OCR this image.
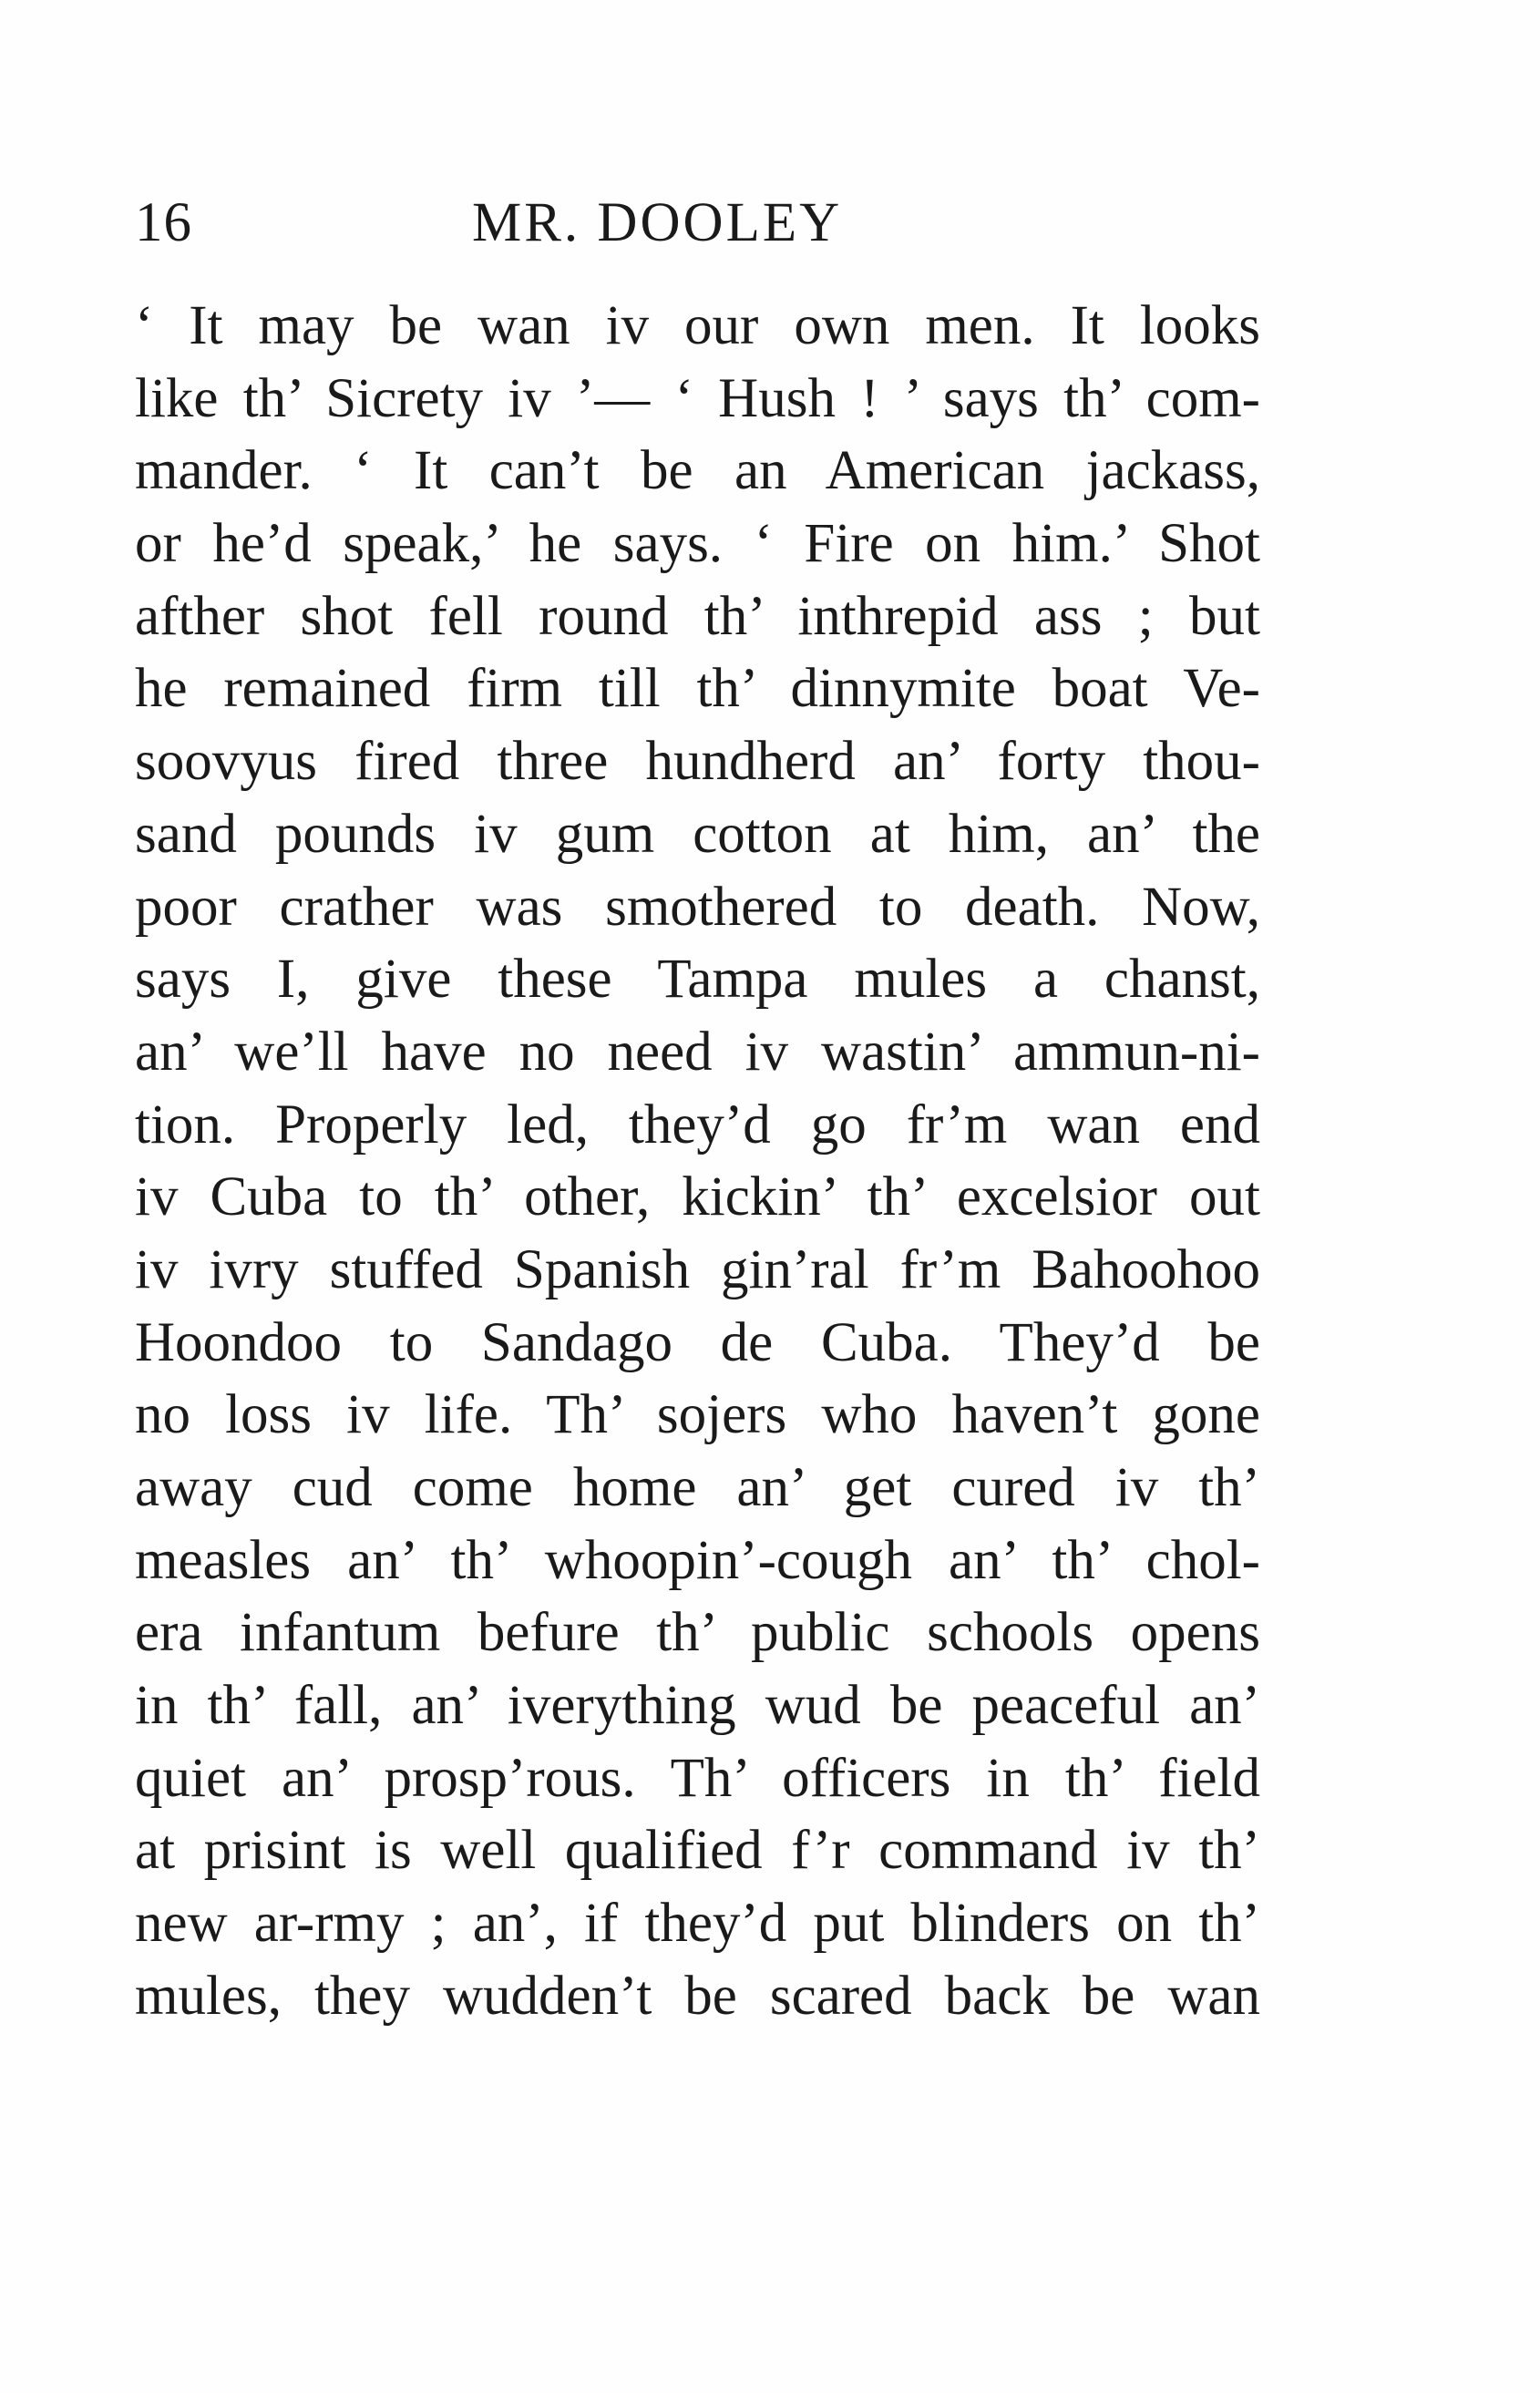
16	MR. DOOLEY
‘ It may be wan iv our own men. It looks
like th’ Sicrety iv ’— ‘ Hush ! ’ says th’ com-
mander. ‘ It can’t be an American jackass,
or he’d speak,’ he says. ‘ Fire on him.’ Shot
afther shot fell round th’ inthrepid ass ; but
he remained firm till th’ dinnymite boat Ve-
soovyus fired three hundherd an’ forty thou-
sand pounds iv gum cotton at him, an’ the
poor crather was smothered to death. Now,
says I, give these Tampa mules a chanst,
an’ we’ll have no need iv wastin’ ammun-ni-
tion. Properly led, they’d go fr’m wan end
iv Cuba to th’ other, kickin’ th’ excelsior out
iv ivry stuffed Spanish gin’ral fr’m Bahoohoo
Hoondoo to Sandago de Cuba. They’d be
no loss iv life. Th’ sojers who haven’t gone
away cud come home an’ get cured iv th’
measles an’ th’ whoopin’-cough an’ th’ chol-
era infantum befure th’ public schools opens
in th’ fall, an’ iverything wud be peaceful an’
quiet an’ prosp’rous. Th’ officers in th’ field
at prisint is well qualified f’r command iv th’
new ar-rmy ; an’, if they’d put blinders on th’
mules, they wudden’t be scared back be wan
